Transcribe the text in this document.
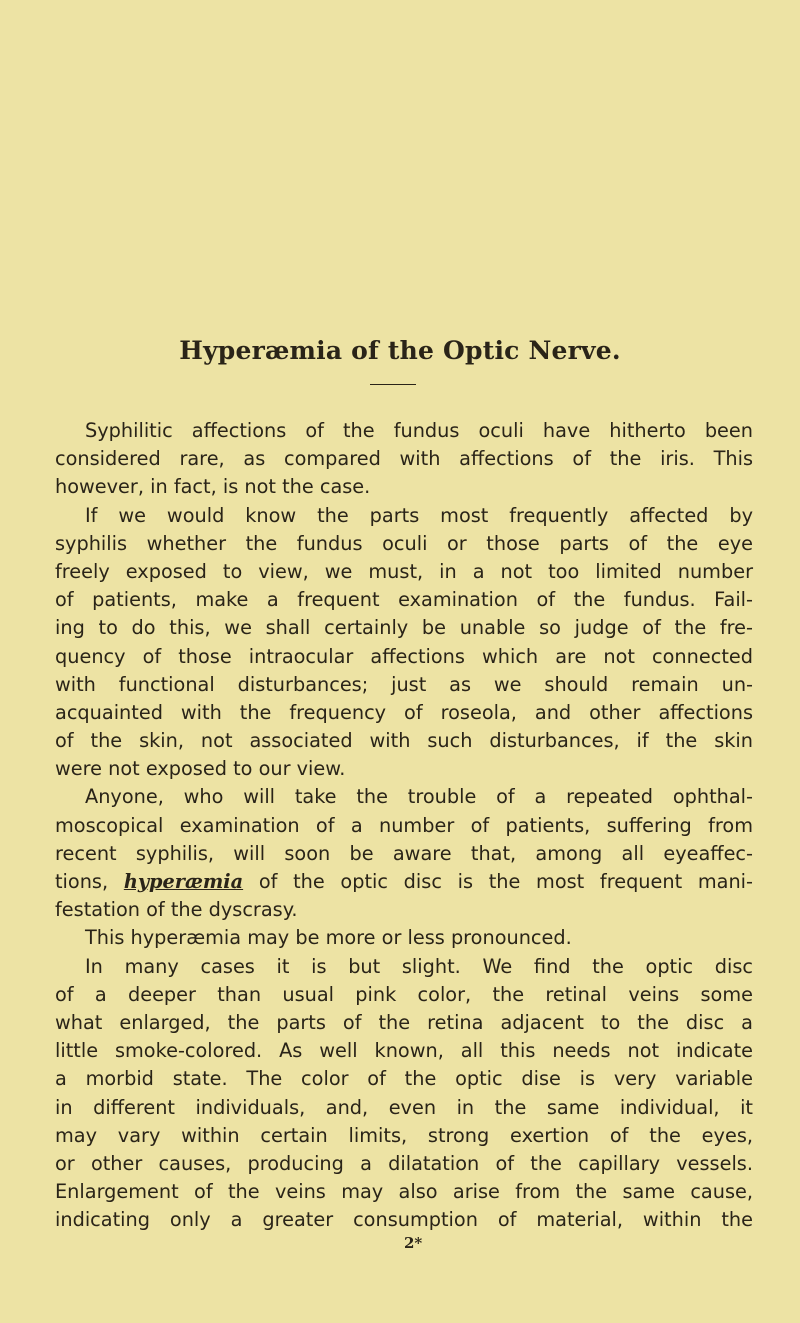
Hyperæmia of the Optic Nerve.
Syphilitic affections of the fundus oculi have hitherto been
considered rare, as compared with affections of the iris. This
however, in fact, is not the case.
If we would know the parts most frequently affected by
syphilis whether the fundus oculi or those parts of the eye
freely exposed to view, we must, in a not too limited number
of patients, make a frequent examination of the fundus. Fail-
ing to do this, we shall certainly be unable so judge of the fre-
quency of those intraocular affections which are not connected
with functional disturbances; just as we should remain un-
acquainted with the frequency of roseola, and other affections
of the skin, not associated with such disturbances, if the skin
were not exposed to our view.
Anyone, who will take the trouble of a repeated ophthal-
moscopical examination of a number of patients, suffering from
recent syphilis, will soon be aware that, among all eyeaffec-
tions, hyperæmia of the optic disc is the most frequent mani-
festation of the dyscrasy.
This hyperæmia may be more or less pronounced.
In many cases it is but slight. We find the optic disc
of a deeper than usual pink color, the retinal veins some
what enlarged, the parts of the retina adjacent to the disc a
little smoke-colored. As well known, all this needs not indicate
a morbid state. The color of the optic dise is very variable
in different individuals, and, even in the same individual, it
may vary within certain limits, strong exertion of the eyes,
or other causes, producing a dilatation of the capillary vessels.
Enlargement of the veins may also arise from the same cause,
indicating only a greater consumption of material, within the
2*
